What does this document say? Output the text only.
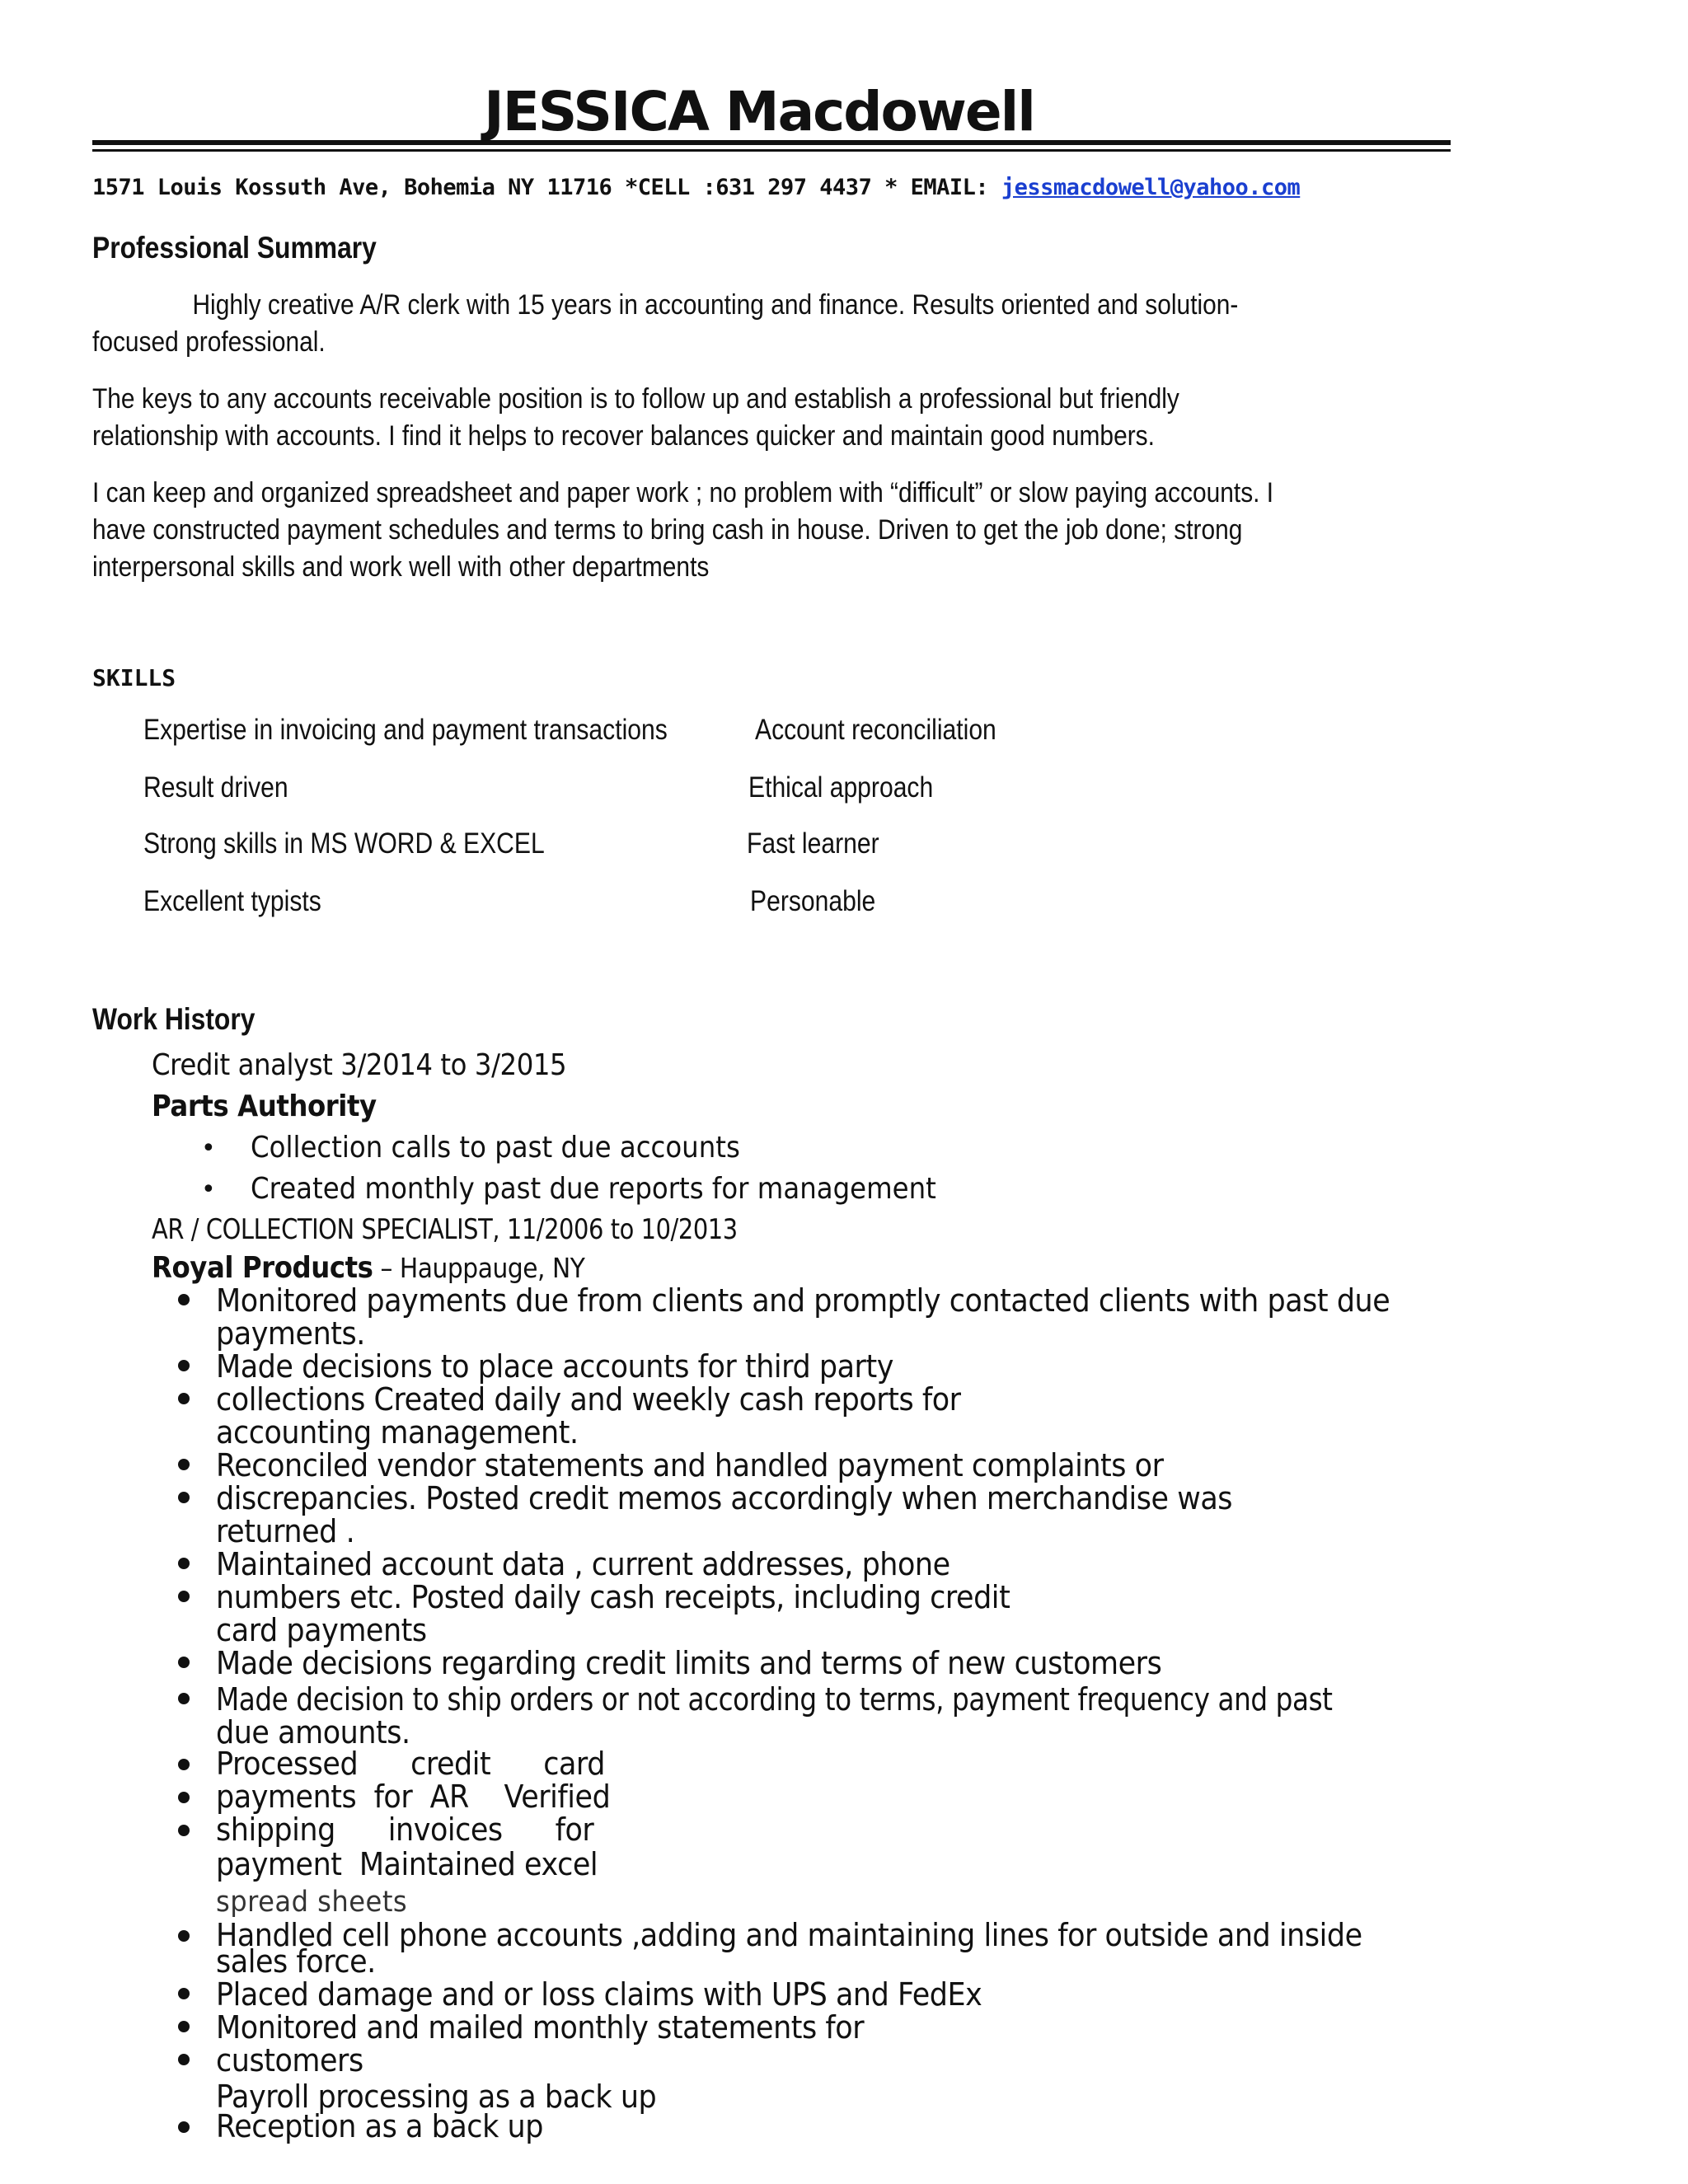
JESSICA Macdowell
1571 Louis Kossuth Ave, Bohemia NY 11716 *CELL :631 297 4437 * EMAIL: jessmacdowell@yahoo.com
Professional Summary
Highly creative A/R clerk with 15 years in accounting and finance. Results oriented and solution-
focused professional.
The keys to any accounts receivable position is to follow up and establish a professional but friendly
relationship with accounts. I find it helps to recover balances quicker and maintain good numbers.
I can keep and organized spreadsheet and paper work ; no problem with “difficult” or slow paying accounts. I
have constructed payment schedules and terms to bring cash in house. Driven to get the job done; strong
interpersonal skills and work well with other departments
SKILLS
Expertise in invoicing and payment transactions
Result driven
Strong skills in MS WORD & EXCEL
Excellent typists
Account reconciliation
Ethical approach
Fast learner
Personable
Work History
Credit analyst 3/2014 to 3/2015
Parts Authority
• Collection calls to past due accounts
• Created monthly past due reports for management
AR / COLLECTION SPECIALIST, 11/2006 to 10/2013
Royal Products – Hauppauge, NY
Monitored payments due from clients and promptly contacted clients with past due
payments.
Made decisions to place accounts for third party
collections Created daily and weekly cash reports for
accounting management.
Reconciled vendor statements and handled payment complaints or
discrepancies. Posted credit memos accordingly when merchandise was
returned .
Maintained account data , current addresses, phone
numbers etc. Posted daily cash receipts, including credit
card payments
Made decisions regarding credit limits and terms of new customers
Made decision to ship orders or not according to terms, payment frequency and past
due amounts.
Processed      credit      card
payments  for  AR    Verified
shipping      invoices      for
payment  Maintained excel
spread sheets
Handled cell phone accounts ,adding and maintaining lines for outside and inside
sales force.
Placed damage and or loss claims with UPS and FedEx
Monitored and mailed monthly statements for
customers
Payroll processing as a back up
Reception as a back up
